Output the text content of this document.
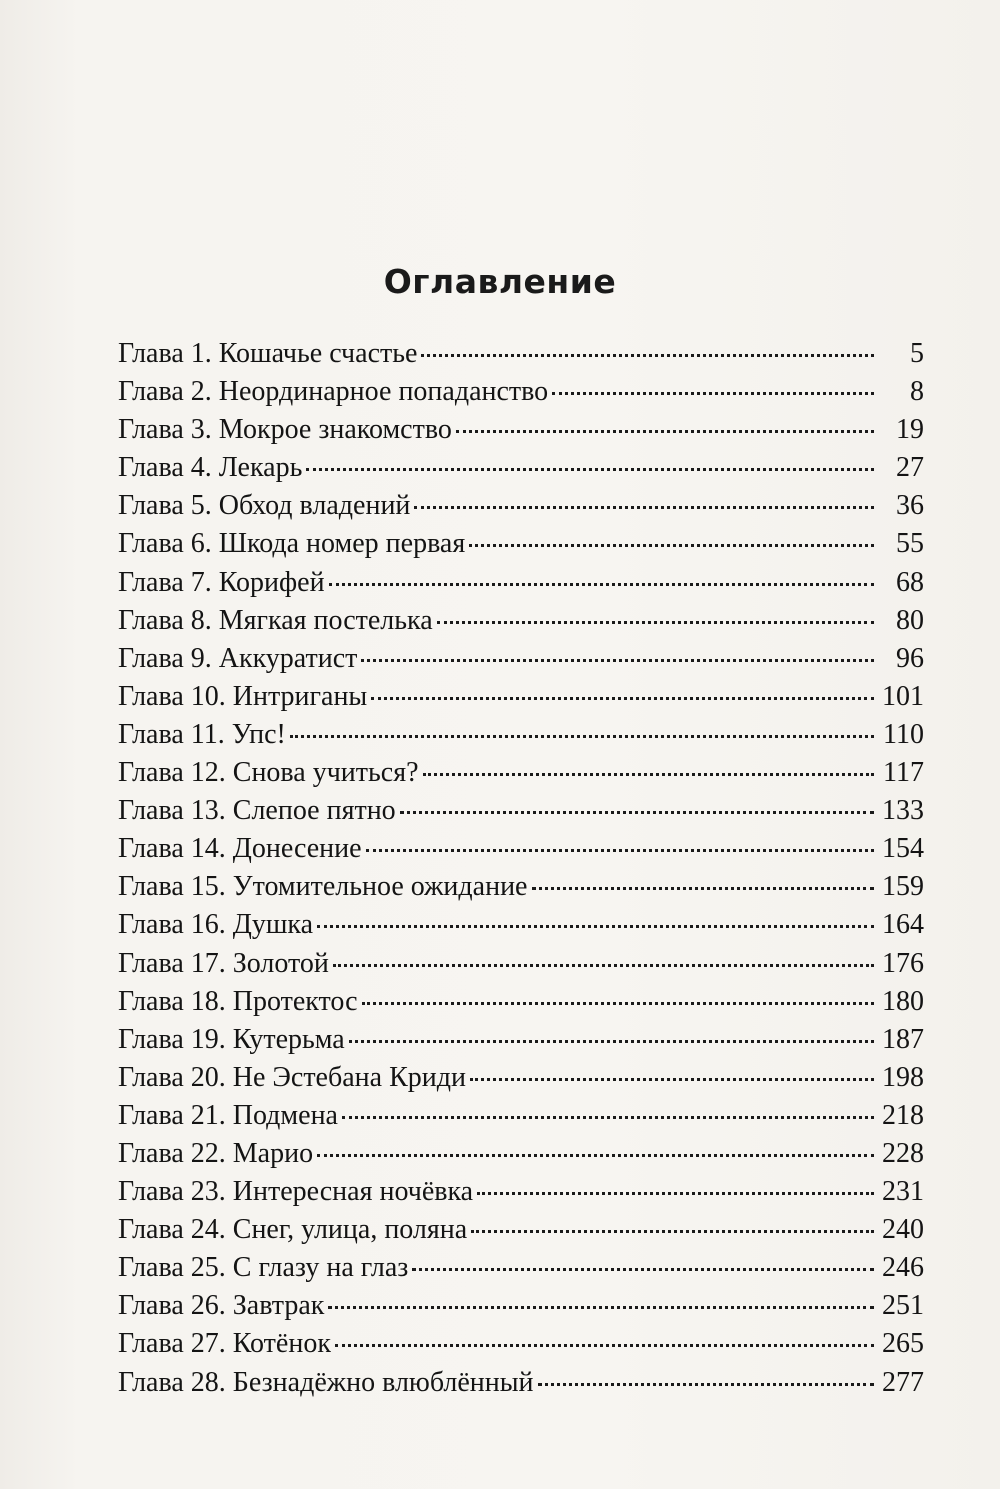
Оглавление
Глава 1. Кошачье счастье	5
Глава 2. Неординарное попаданство	8
Глава 3. Мокрое знакомство	19
Глава 4. Лекарь	27
Глава 5. Обход владений	36
Глава 6. Шкода номер первая	55
Глава 7. Корифей	68
Глава 8. Мягкая постелька	80
Глава 9. Аккуратист	96
Глава 10. Интриганы	101
Глава 11. Упс!	110
Глава 12. Снова учиться?	117
Глава 13. Слепое пятно	133
Глава 14. Донесение	154
Глава 15. Утомительное ожидание	159
Глава 16. Душка	164
Глава 17. Золотой	176
Глава 18. Протектос	180
Глава 19. Кутерьма	187
Глава 20. Не Эстебана Криди	198
Глава 21. Подмена	218
Глава 22. Марио	228
Глава 23. Интересная ночёвка	231
Глава 24. Снег, улица, поляна	240
Глава 25. С глазу на глаз	246
Глава 26. Завтрак	251
Глава 27. Котёнок	265
Глава 28. Безнадёжно влюблённый	277
